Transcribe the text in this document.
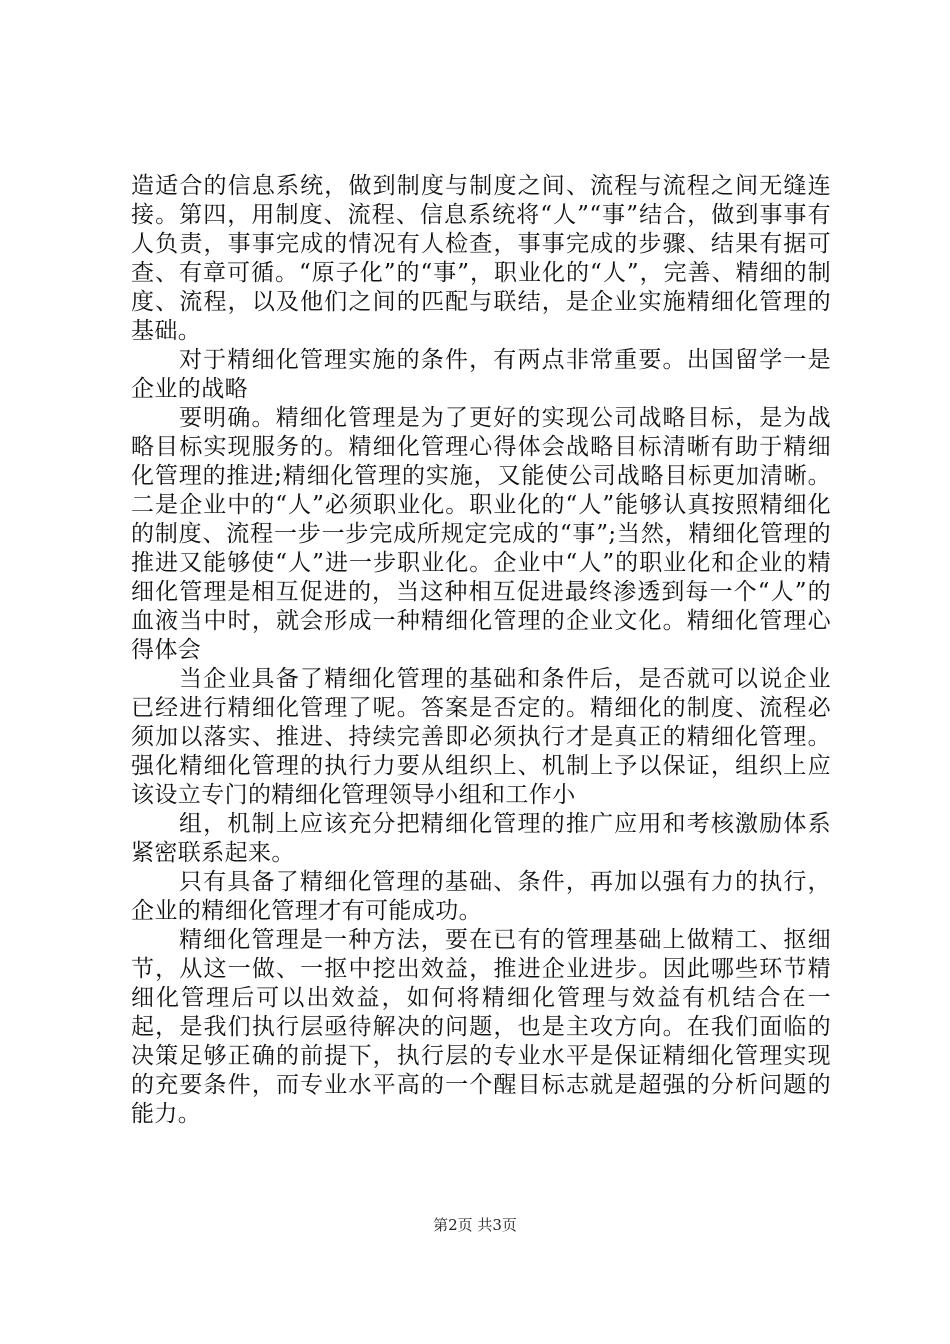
造适合的信息系统，做到制度与制度之间、流程与流程之间无缝连接。第四，用制度、流程、信息系统将“人”“事”结合，做到事事有人负责，事事完成的情况有人检查，事事完成的步骤、结果有据可查、有章可循。“原子化”的“事”，职业化的“人”，完善、精细的制度、流程，以及他们之间的匹配与联结，是企业实施精细化管理的基础。

对于精细化管理实施的条件，有两点非常重要。出国留学一是企业的战略

要明确。精细化管理是为了更好的实现公司战略目标，是为战略目标实现服务的。精细化管理心得体会战略目标清晰有助于精细化管理的推进;精细化管理的实施，又能使公司战略目标更加清晰。二是企业中的“人”必须职业化。职业化的“人”能够认真按照精细化的制度、流程一步一步完成所规定完成的“事”;当然，精细化管理的推进又能够使“人”进一步职业化。企业中“人”的职业化和企业的精细化管理是相互促进的，当这种相互促进最终渗透到每一个“人”的血液当中时，就会形成一种精细化管理的企业文化。精细化管理心得体会

当企业具备了精细化管理的基础和条件后，是否就可以说企业已经进行精细化管理了呢。答案是否定的。精细化的制度、流程必须加以落实、推进、持续完善即必须执行才是真正的精细化管理。强化精细化管理的执行力要从组织上、机制上予以保证，组织上应该设立专门的精细化管理领导小组和工作小

组，机制上应该充分把精细化管理的推广应用和考核激励体系紧密联系起来。

只有具备了精细化管理的基础、条件，再加以强有力的执行，企业的精细化管理才有可能成功。

精细化管理是一种方法，要在已有的管理基础上做精工、抠细节，从这一做、一抠中挖出效益，推进企业进步。因此哪些环节精细化管理后可以出效益，如何将精细化管理与效益有机结合在一起，是我们执行层亟待解决的问题，也是主攻方向。在我们面临的决策足够正确的前提下，执行层的专业水平是保证精细化管理实现的充要条件，而专业水平高的一个醒目标志就是超强的分析问题的能力。

第2页 共3页
